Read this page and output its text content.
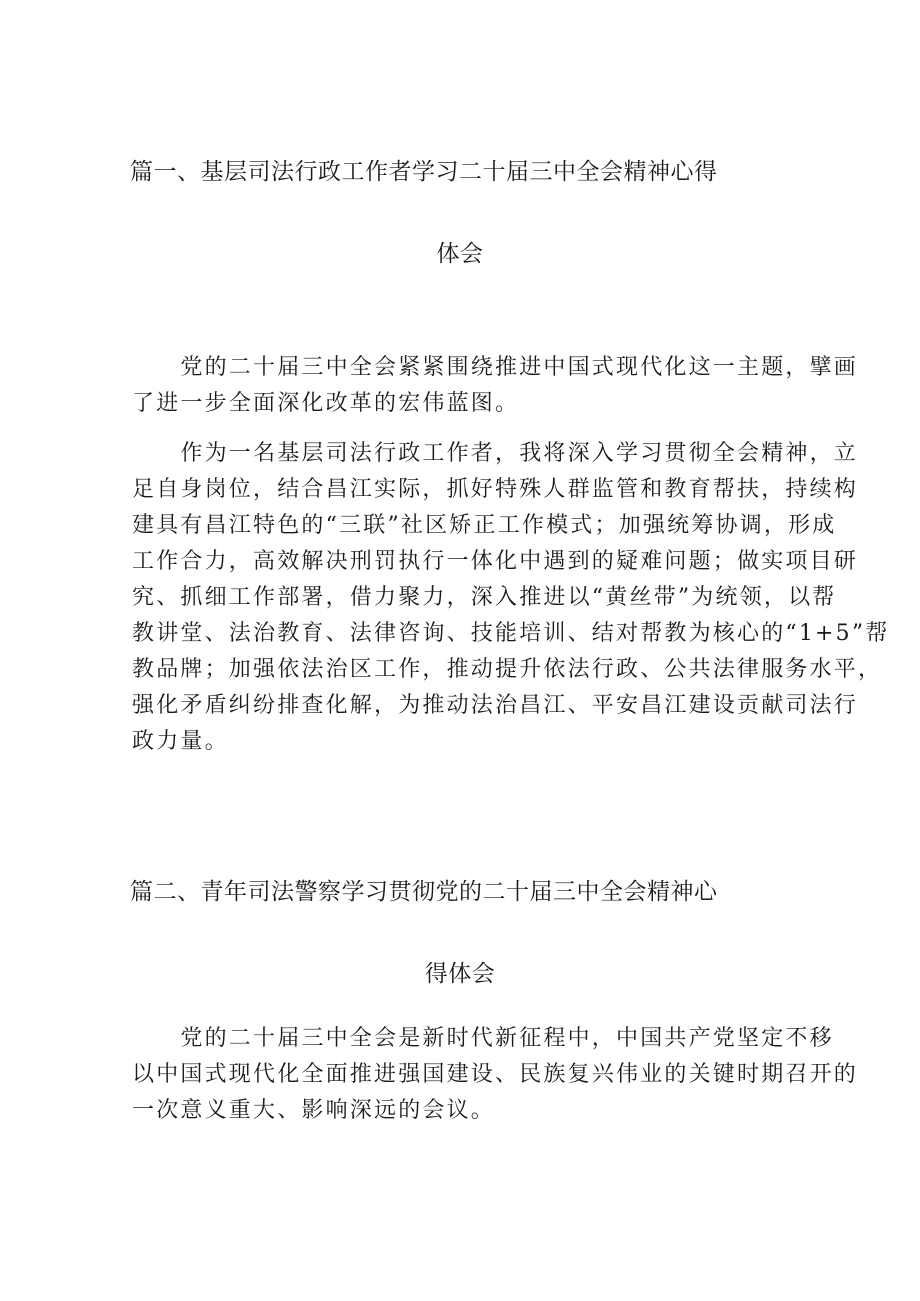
篇一、基层司法行政工作者学习二十届三中全会精神心得
体会
　　党的二十届三中全会紧紧围绕推进中国式现代化这一主题，擘画
了进一步全面深化改革的宏伟蓝图。
　　作为一名基层司法行政工作者，我将深入学习贯彻全会精神，立
足自身岗位，结合昌江实际，抓好特殊人群监管和教育帮扶，持续构
建具有昌江特色的“三联”社区矫正工作模式；加强统筹协调，形成
工作合力，高效解决刑罚执行一体化中遇到的疑难问题；做实项目研
究、抓细工作部署，借力聚力，深入推进以“黄丝带”为统领，以帮
教讲堂、法治教育、法律咨询、技能培训、结对帮教为核心的“1+5”帮
教品牌；加强依法治区工作，推动提升依法行政、公共法律服务水平，
强化矛盾纠纷排查化解，为推动法治昌江、平安昌江建设贡献司法行
政力量。
篇二、青年司法警察学习贯彻党的二十届三中全会精神心
得体会
　　党的二十届三中全会是新时代新征程中，中国共产党坚定不移
以中国式现代化全面推进强国建设、民族复兴伟业的关键时期召开的
一次意义重大、影响深远的会议。
